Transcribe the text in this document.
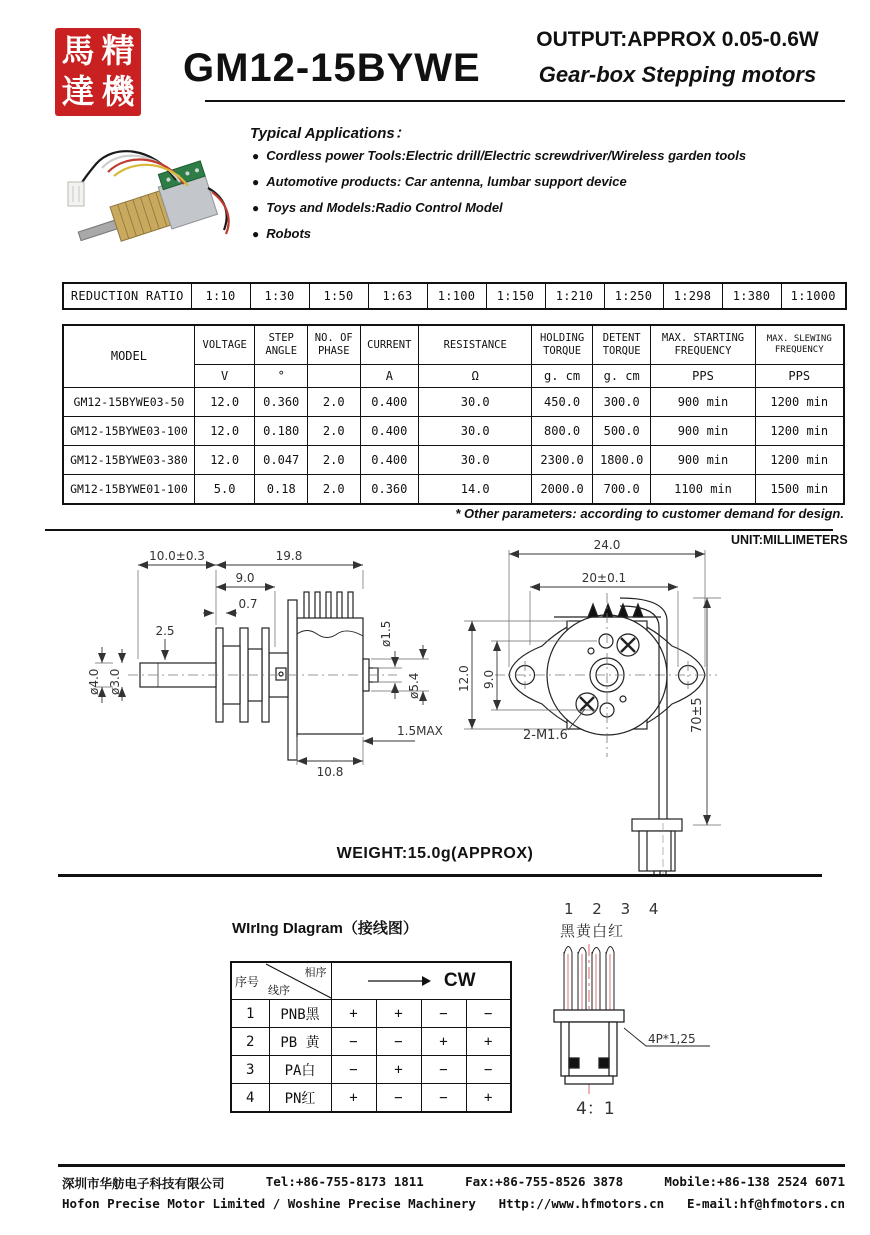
馬 精
達 機
GM12-15BYWE
OUTPUT:APPROX 0.05-0.6W
Gear-box Stepping motors
Typical Applications：
● Cordless power Tools:Electric drill/Electric screwdriver/Wireless garden tools
● Automotive products: Car antenna, lumbar support device
● Toys and Models:Radio Control Model
● Robots
REDUCTION RATIO	1:10	1:30	1:50	1:63	1:100	1:150	1:210	1:250	1:298	1:380	1:1000
MODEL	VOLTAGE	STEP ANGLE	NO. OF PHASE	CURRENT	RESISTANCE	HOLDING TORQUE	DETENT TORQUE	MAX. STARTING FREQUENCY	MAX. SLEWING FREQUENCY
	V	°		A	Ω	g. cm	g. cm	PPS	PPS
GM12-15BYWE03-50	12.0	0.360	2.0	0.400	30.0	450.0	300.0	900 min	1200 min
GM12-15BYWE03-100	12.0	0.180	2.0	0.400	30.0	800.0	500.0	900 min	1200 min
GM12-15BYWE03-380	12.0	0.047	2.0	0.400	30.0	2300.0	1800.0	900 min	1200 min
GM12-15BYWE01-100	5.0	0.18	2.0	0.360	14.0	2000.0	700.0	1100 min	1500 min
* Other parameters: according to customer demand for design.
UNIT:MILLIMETERS
10.0±0.3	19.8
9.0
0.7
2.5
ø4.0 ø3.0
ø1.5
ø5.4
1.5MAX
10.8
24.0
20±0.1
12.0 9.0
2-M1.6
70±5
WEIGHT:15.0g(APPROX)
WIrIng DIagram（接线图）
序号
相序
线序		CW			
1	PNB黑	+	+	−	−
2	PB 黄	−	−	+	+
3	PA白	−	+	−	−
4	PN红	+	−	−	+
1 2 3 4
黑黄白红
4P*1,25
4：1
深圳市华舫电子科技有限公司	Tel:+86-755-8173 1811	Fax:+86-755-8526 3878	Mobile:+86-138 2524 6071
Hofon Precise Motor Limited / Woshine Precise Machinery Http://www.hfmotors.cn E-mail:hf@hfmotors.cn
